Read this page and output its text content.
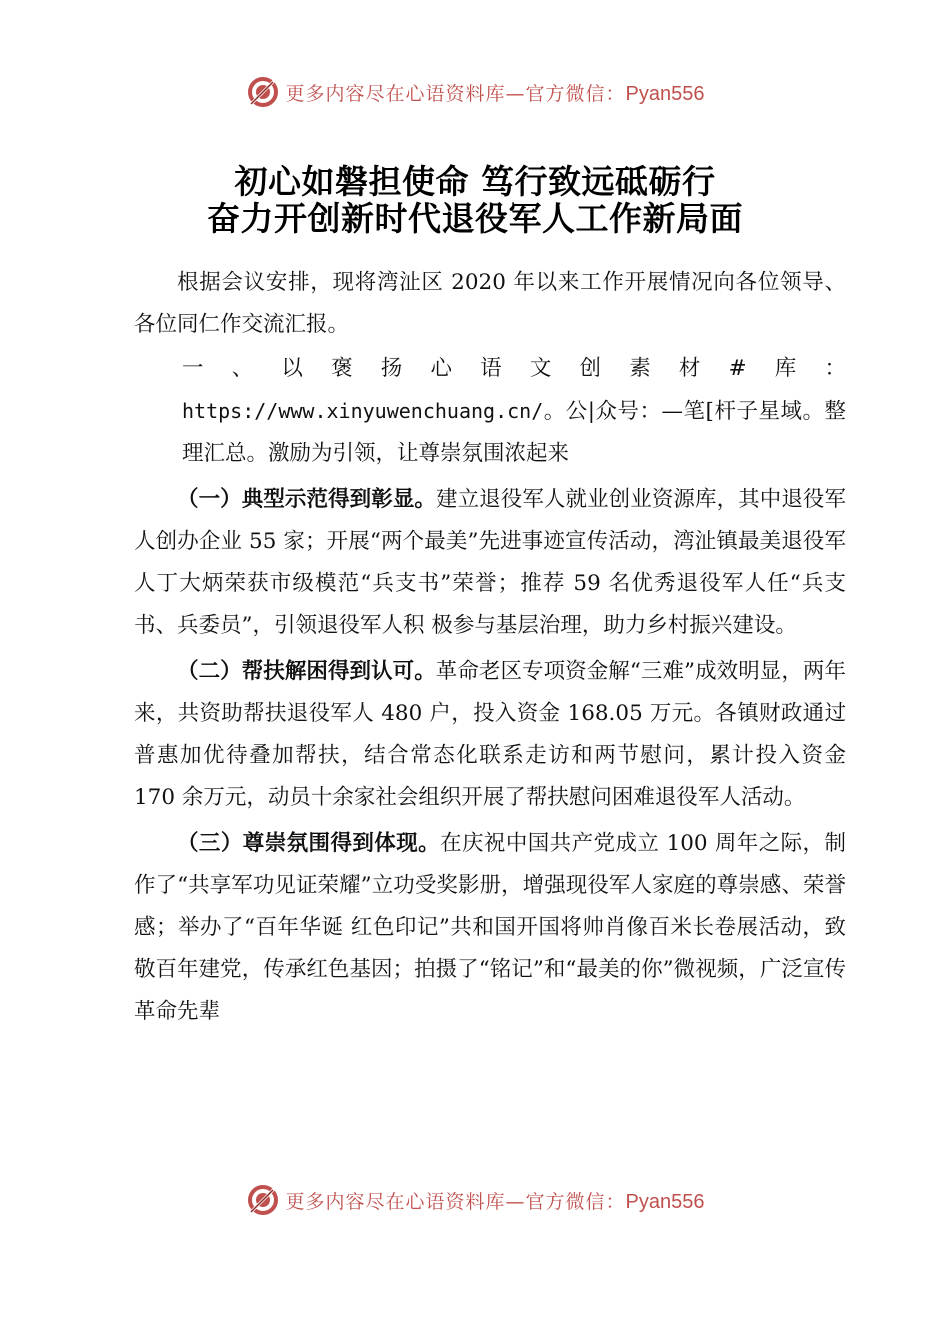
更多内容尽在心语资料库—官方微信：Pyan556
初心如磐担使命 笃行致远砥砺行
奋力开创新时代退役军人工作新局面

根据会议安排，现将湾沚区 2020 年以来工作开展情况向各位领导、各位同仁作交流汇报。

一、以褒扬心语文创素材#库：https://www.xinyuwenchuang.cn/。公|众号：—笔[杆子星域。整理汇总。激励为引领，让尊崇氛围浓起来

（一）典型示范得到彰显。建立退役军人就业创业资源库，其中退役军人创办企业 55 家；开展“两个最美”先进事迹宣传活动，湾沚镇最美退役军人丁大炳荣获市级模范“兵支书”荣誉；推荐 59 名优秀退役军人任“兵支书、兵委员”，引领退役军人积 极参与基层治理，助力乡村振兴建设。

（二）帮扶解困得到认可。革命老区专项资金解“三难”成效明显，两年来，共资助帮扶退役军人 480 户，投入资金 168.05 万元。各镇财政通过普惠加优待叠加帮扶，结合常态化联系走访和两节慰问，累计投入资金 170 余万元，动员十余家社会组织开展了帮扶慰问困难退役军人活动。

（三）尊崇氛围得到体现。在庆祝中国共产党成立 100 周年之际，制作了“共享军功见证荣耀”立功受奖影册，增强现役军人家庭的尊崇感、荣誉感；举办了“百年华诞 红色印记”共和国开国将帅肖像百米长卷展活动，致敬百年建党，传承红色基因；拍摄了“铭记”和“最美的你”微视频，广泛宣传革命先辈

更多内容尽在心语资料库—官方微信：Pyan556
